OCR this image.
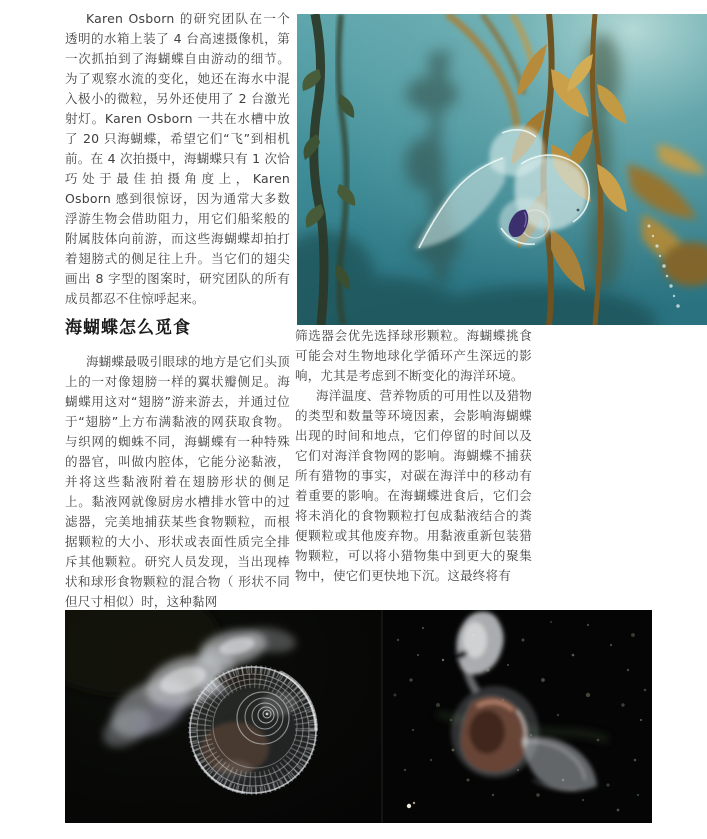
Karen Osborn 的研究团队在一个透明的水箱上装了 4 台高速摄像机，第一次抓拍到了海蝴蝶自由游动的细节。为了观察水流的变化，她还在海水中混入极小的微粒，另外还使用了 2 台激光射灯。Karen Osborn 一共在水槽中放了 20 只海蝴蝶，希望它们“飞”到相机前。在 4 次拍摄中，海蝴蝶只有 1 次恰巧处于最佳拍摄角度上，Karen Osborn 感到很惊讶，因为通常大多数浮游生物会借助阻力，用它们船桨般的附属肢体向前游，而这些海蝴蝶却拍打着翅膀式的侧足往上升。当它们的翅尖画出 8 字型的图案时，研究团队的所有成员都忍不住惊呼起来。

海蝴蝶怎么觅食

海蝴蝶最吸引眼球的地方是它们头顶上的一对像翅膀一样的翼状瓣侧足。海蝴蝶用这对“翅膀”游来游去，并通过位于“翅膀”上方布满黏液的网获取食物。与织网的蜘蛛不同，海蝴蝶有一种特殊的器官，叫做内腔体，它能分泌黏液，并将这些黏液附着在翅膀形状的侧足上。黏液网就像厨房水槽排水管中的过滤器，完美地捕获某些食物颗粒，而根据颗粒的大小、形状或表面性质完全排斥其他颗粒。研究人员发现，当出现棒状和球形食物颗粒的混合物（ 形状不同但尺寸相似）时，这种黏网

筛选器会优先选择球形颗粒。海蝴蝶挑食可能会对生物地球化学循环产生深远的影响，尤其是考虑到不断变化的海洋环境。

海洋温度、营养物质的可用性以及猎物的类型和数量等环境因素，会影响海蝴蝶出现的时间和地点，它们停留的时间以及它们对海洋食物网的影响。海蝴蝶不捕获所有猎物的事实，对碳在海洋中的移动有着重要的影响。在海蝴蝶进食后，它们会将未消化的食物颗粒打包成黏液结合的粪便颗粒或其他废弃物。用黏液重新包装猎物颗粒，可以将小猎物集中到更大的聚集物中，使它们更快地下沉。这最终将有
